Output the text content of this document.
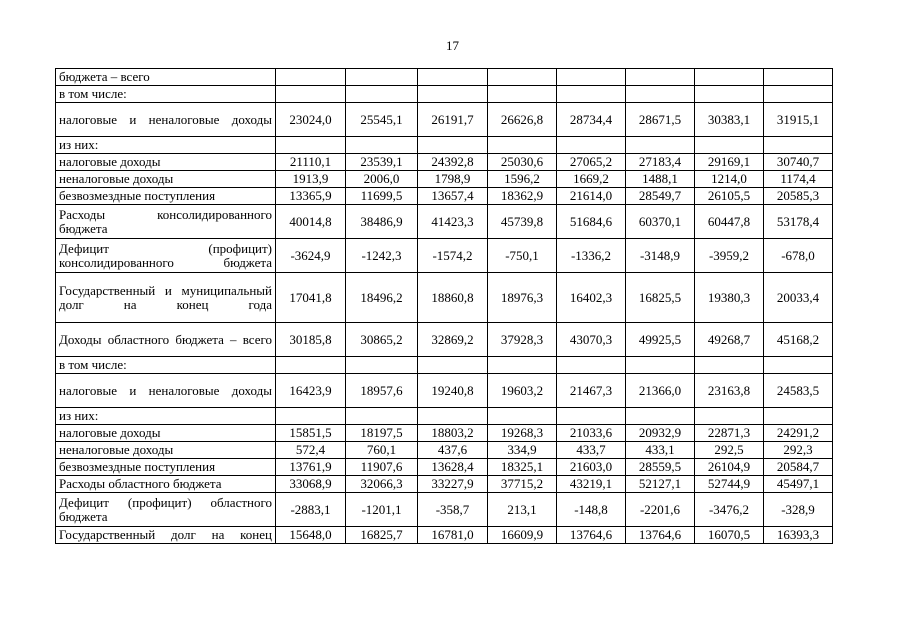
17
бюджета – всего								
в том числе:								
налоговые и неналоговые доходы	23024,0	25545,1	26191,7	26626,8	28734,4	28671,5	30383,1	31915,1
из них:								
налоговые доходы	21110,1	23539,1	24392,8	25030,6	27065,2	27183,4	29169,1	30740,7
неналоговые доходы	1913,9	2006,0	1798,9	1596,2	1669,2	1488,1	1214,0	1174,4
безвозмездные поступления	13365,9	11699,5	13657,4	18362,9	21614,0	28549,7	26105,5	20585,3
Расходы консолидированного бюджета	40014,8	38486,9	41423,3	45739,8	51684,6	60370,1	60447,8	53178,4
Дефицит (профицит) консолидированного бюджета	-3624,9	-1242,3	-1574,2	-750,1	-1336,2	-3148,9	-3959,2	-678,0
Государственный и муниципальный долг на конец года	17041,8	18496,2	18860,8	18976,3	16402,3	16825,5	19380,3	20033,4
Доходы областного бюджета – всего	30185,8	30865,2	32869,2	37928,3	43070,3	49925,5	49268,7	45168,2
в том числе:								
налоговые и неналоговые доходы	16423,9	18957,6	19240,8	19603,2	21467,3	21366,0	23163,8	24583,5
из них:								
налоговые доходы	15851,5	18197,5	18803,2	19268,3	21033,6	20932,9	22871,3	24291,2
неналоговые доходы	572,4	760,1	437,6	334,9	433,7	433,1	292,5	292,3
безвозмездные поступления	13761,9	11907,6	13628,4	18325,1	21603,0	28559,5	26104,9	20584,7
Расходы областного бюджета	33068,9	32066,3	33227,9	37715,2	43219,1	52127,1	52744,9	45497,1
Дефицит (профицит) областного бюджета	-2883,1	-1201,1	-358,7	213,1	-148,8	-2201,6	-3476,2	-328,9
Государственный долг на конец	15648,0	16825,7	16781,0	16609,9	13764,6	13764,6	16070,5	16393,3
